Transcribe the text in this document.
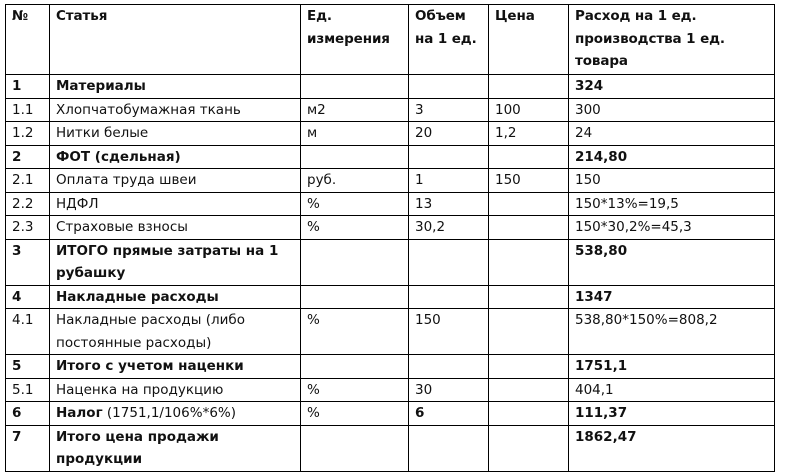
№	Статья	Ед. измерения	Объем на 1 ед.	Цена	Расход на 1 ед. производства 1 ед. товара
1	Материалы				324
1.1	Хлопчатобумажная ткань	м2	3	100	300
1.2	Нитки белые	м	20	1,2	24
2	ФОТ (сдельная)				214,80
2.1	Оплата труда швеи	руб.	1	150	150
2.2	НДФЛ	%	13		150*13%=19,5
2.3	Страховые взносы	%	30,2		150*30,2%=45,3
3	ИТОГО прямые затраты на 1 рубашку				538,80
4	Накладные расходы				1347
4.1	Накладные расходы (либо постоянные расходы)	%	150		538,80*150%=808,2
5	Итого с учетом наценки				1751,1
5.1	Наценка на продукцию	%	30		404,1
6	Налог (1751,1/106%*6%)	%	6		111,37
7	Итого цена продажи продукции				1862,47
